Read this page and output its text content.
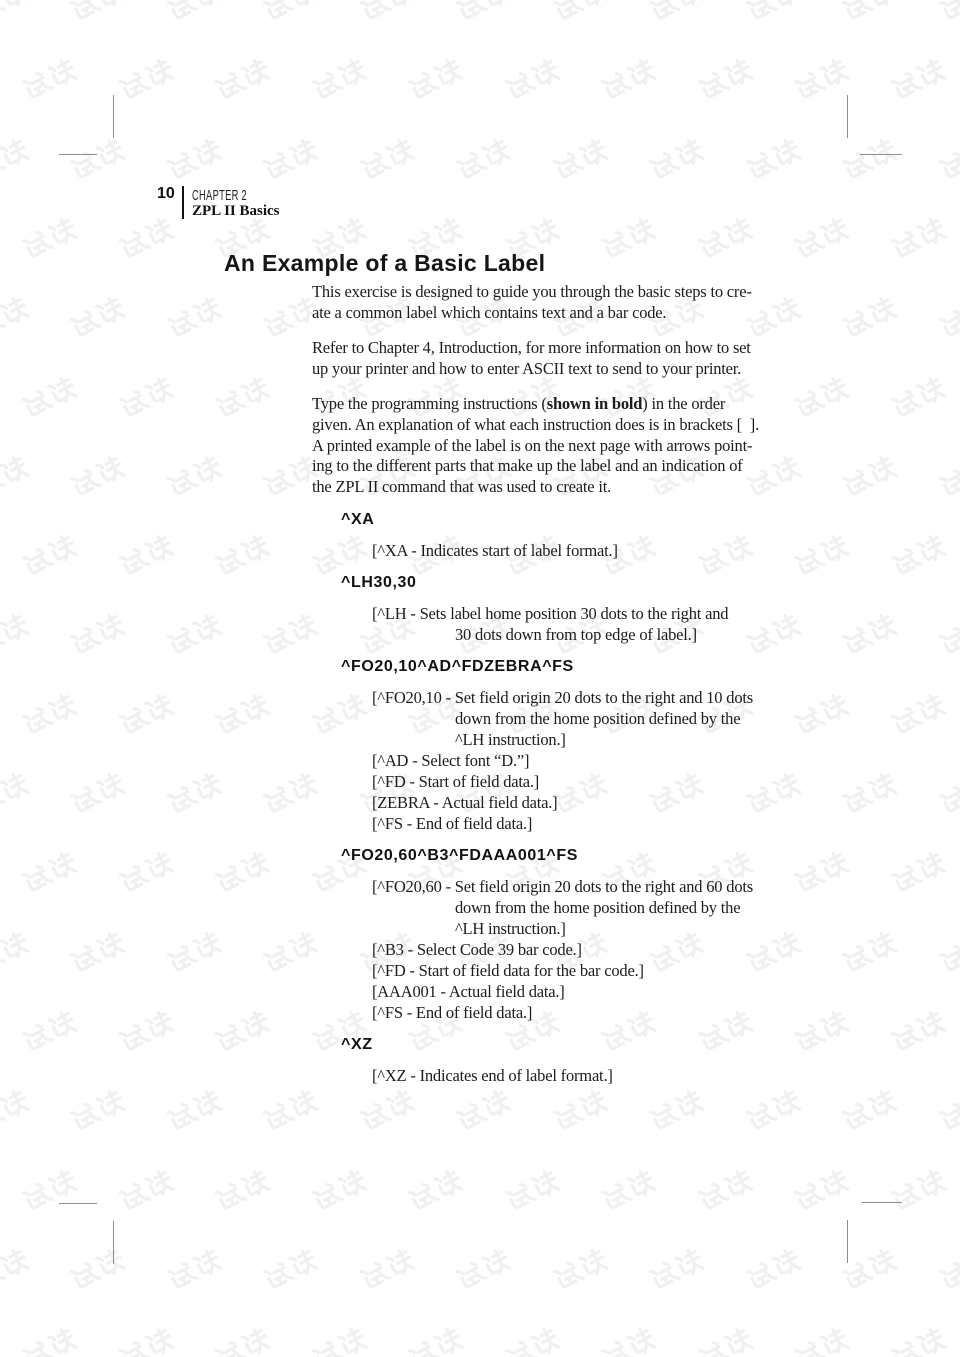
10 CHAPTER 2
ZPL II Basics
An Example of a Basic Label
This exercise is designed to guide you through the basic steps to cre-
ate a common label which contains text and a bar code.
Refer to Chapter 4, Introduction, for more information on how to set
up your printer and how to enter ASCII text to send to your printer.
Type the programming instructions (shown in bold) in the order
given. An explanation of what each instruction does is in brackets [  ].
A printed example of the label is on the next page with arrows point-
ing to the different parts that make up the label and an indication of
the ZPL II command that was used to create it.
^XA
[^XA - Indicates start of label format.]
^LH30,30
[^LH - Sets label home position 30 dots to the right and
30 dots down from top edge of label.]
^FO20,10^AD^FDZEBRA^FS
[^FO20,10 - Set field origin 20 dots to the right and 10 dots
down from the home position defined by the
^LH instruction.]
[^AD - Select font “D.”]
[^FD - Start of field data.]
[ZEBRA - Actual field data.]
[^FS - End of field data.]
^FO20,60^B3^FDAAA001^FS
[^FO20,60 - Set field origin 20 dots to the right and 60 dots
down from the home position defined by the
^LH instruction.]
[^B3 - Select Code 39 bar code.]
[^FD - Start of field data for the bar code.]
[AAA001 - Actual field data.]
[^FS - End of field data.]
^XZ
[^XZ - Indicates end of label format.]
